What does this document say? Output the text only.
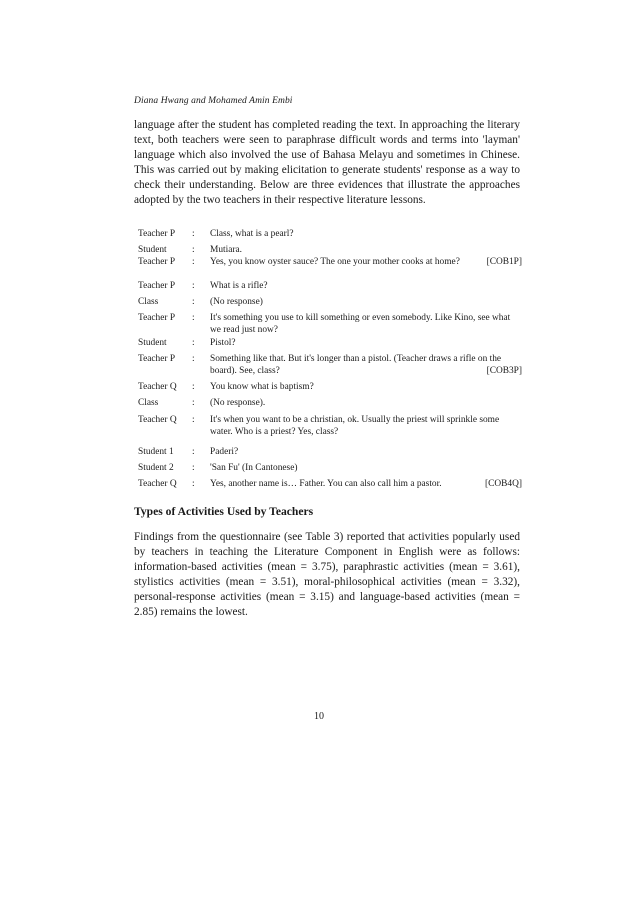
Diana Hwang and Mohamed Amin Embi

language after the student has completed reading the text. In approaching the literary text, both teachers were seen to paraphrase difficult words and terms into 'layman' language which also involved the use of Bahasa Melayu and sometimes in Chinese. This was carried out by making elicitation to generate students' response as a way to check their understanding. Below are three evidences that illustrate the approaches adopted by the two teachers in their respective literature lessons.

Teacher P : Class, what is a pearl?
Student	: Mutiara.
Teacher P : Yes, you know oyster sauce? The one your mother cooks at home?	[COB1P]
Teacher P : What is a rifle?
Class	: (No response)
Teacher P : It's something you use to kill something or even somebody. Like Kino, see what we read just now?
Student	: Pistol?
Teacher P : Something like that. But it's longer than a pistol. (Teacher draws a rifle on the board). See, class?	[COB3P]
Teacher Q : You know what is baptism?
Class	: (No response).
Teacher Q : It's when you want to be a christian, ok. Usually the priest will sprinkle some water. Who is a priest? Yes, class?
Student 1 : Paderi?
Student 2 : 'San Fu' (In Cantonese)
Teacher Q : Yes, another name is… Father. You can also call him a pastor.	[COB4Q]
Types of Activities Used by Teachers

Findings from the questionnaire (see Table 3) reported that activities popularly used by teachers in teaching the Literature Component in English were as follows: information-based activities (mean = 3.75), paraphrastic activities (mean = 3.61), stylistics activities (mean = 3.51), moral-philosophical activities (mean = 3.32), personal-response activities (mean = 3.15) and language-based activities (mean = 2.85) remains the lowest.

10
